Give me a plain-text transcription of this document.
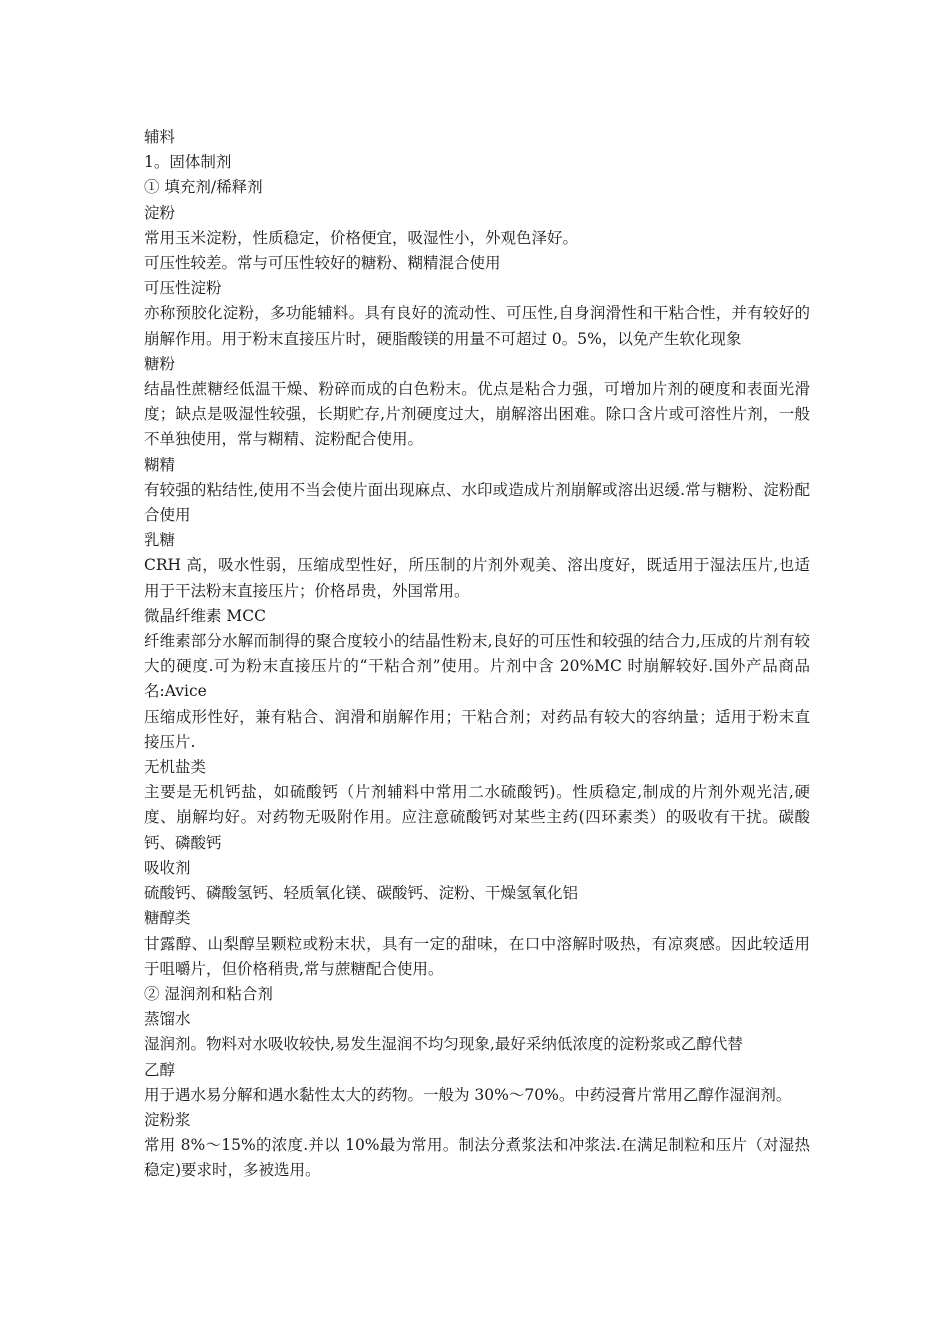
辅料

1。固体制剂

① 填充剂/稀释剂

淀粉

常用玉米淀粉，性质稳定，价格便宜，吸湿性小，外观色泽好。

可压性较差。常与可压性较好的糖粉、糊精混合使用

可压性淀粉

亦称预胶化淀粉，多功能辅料。具有良好的流动性、可压性,自身润滑性和干粘合性，并有较好的崩解作用。用于粉末直接压片时，硬脂酸镁的用量不可超过 0。5%，以免产生软化现象

糖粉

结晶性蔗糖经低温干燥、粉碎而成的白色粉末。优点是粘合力强，可增加片剂的硬度和表面光滑度；缺点是吸湿性较强，长期贮存,片剂硬度过大，崩解溶出困难。除口含片或可溶性片剂，一般不单独使用，常与糊精、淀粉配合使用。

糊精

有较强的粘结性,使用不当会使片面出现麻点、水印或造成片剂崩解或溶出迟缓.常与糖粉、淀粉配合使用

乳糖

CRH 高，吸水性弱，压缩成型性好，所压制的片剂外观美、溶出度好，既适用于湿法压片,也适用于干法粉末直接压片；价格昂贵，外国常用。

微晶纤维素 MCC

纤维素部分水解而制得的聚合度较小的结晶性粉末,良好的可压性和较强的结合力,压成的片剂有较大的硬度.可为粉末直接压片的“干粘合剂”使用。片剂中含 20%MC 时崩解较好.国外产品商品名:Avice

压缩成形性好，兼有粘合、润滑和崩解作用；干粘合剂；对药品有较大的容纳量；适用于粉末直接压片.

无机盐类

主要是无机钙盐，如硫酸钙（片剂辅料中常用二水硫酸钙)。性质稳定,制成的片剂外观光洁,硬度、崩解均好。对药物无吸附作用。应注意硫酸钙对某些主药(四环素类）的吸收有干扰。碳酸钙、磷酸钙

吸收剂

硫酸钙、磷酸氢钙、轻质氧化镁、碳酸钙、淀粉、干燥氢氧化铝

糖醇类

甘露醇、山梨醇呈颗粒或粉末状，具有一定的甜味，在口中溶解时吸热，有凉爽感。因此较适用于咀嚼片，但价格稍贵,常与蔗糖配合使用。

② 湿润剂和粘合剂

蒸馏水

湿润剂。物料对水吸收较快,易发生湿润不均匀现象,最好采纳低浓度的淀粉浆或乙醇代替

乙醇

用于遇水易分解和遇水黏性太大的药物。一般为 30%～70%。中药浸膏片常用乙醇作湿润剂。

淀粉浆

常用 8%～15%的浓度.并以 10%最为常用。制法分煮浆法和冲浆法.在满足制粒和压片（对湿热稳定)要求时，多被选用。
